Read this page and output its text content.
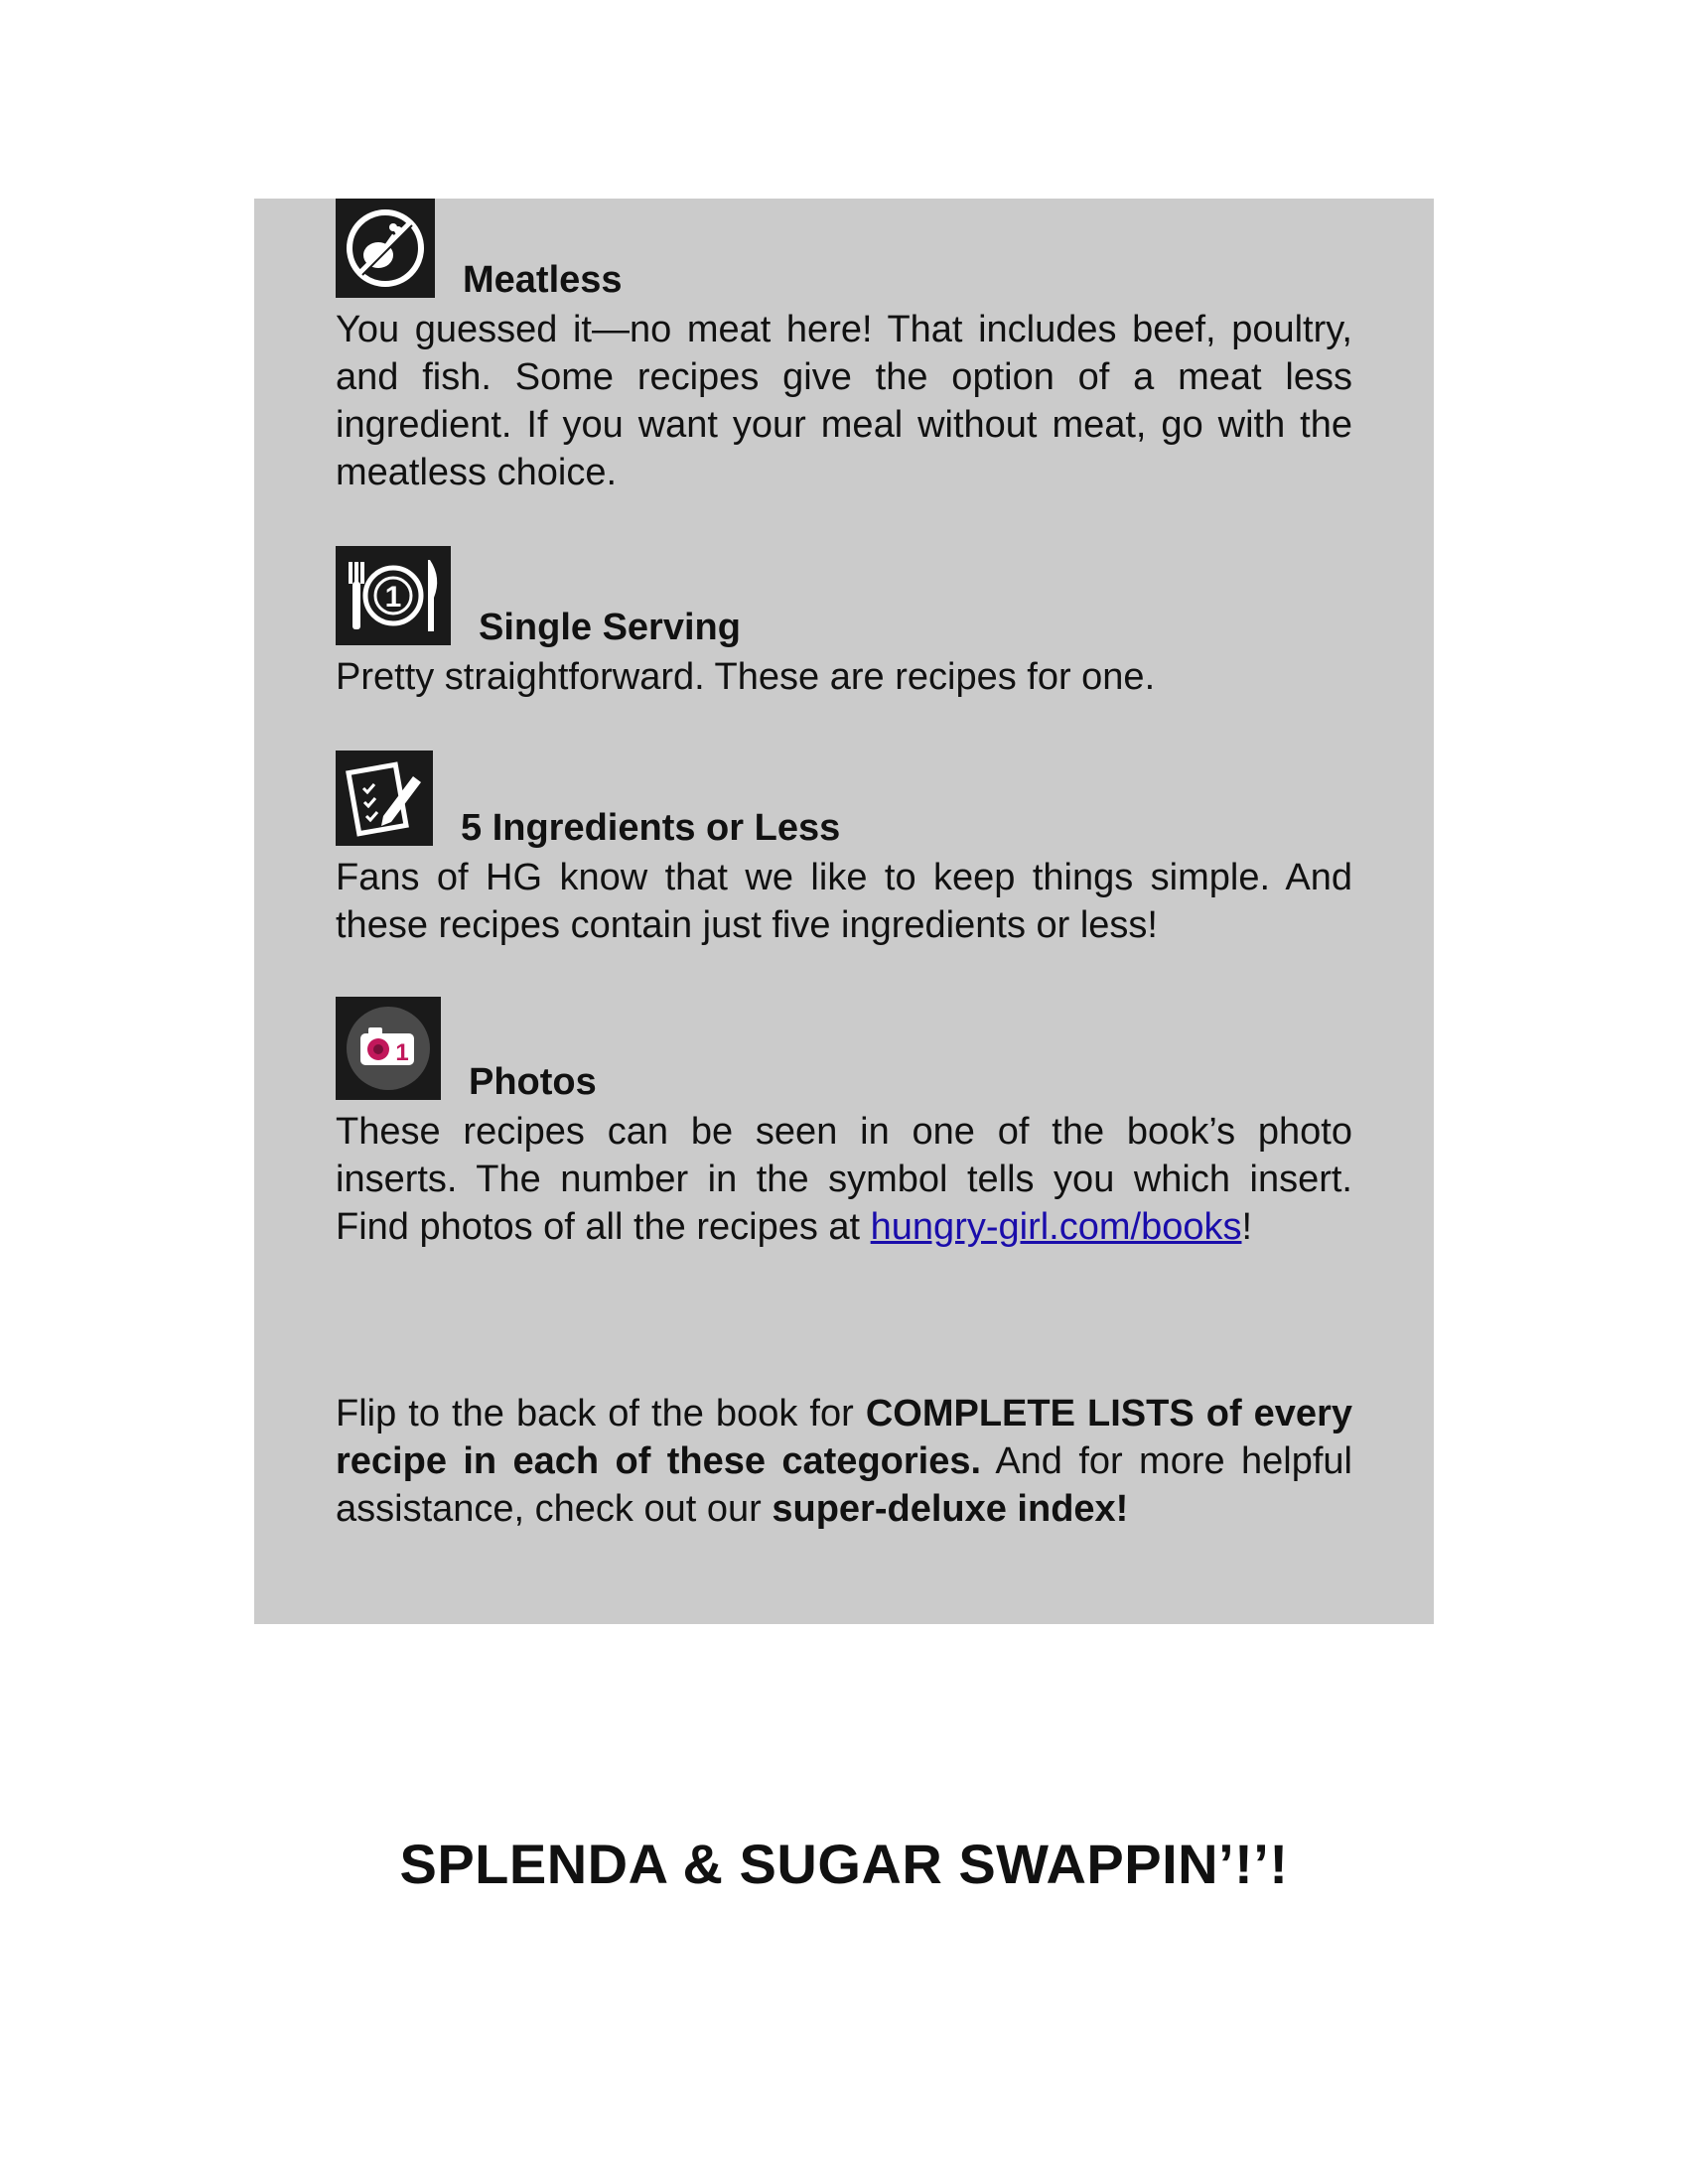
Meatless

You guessed it—no meat here! That includes beef, poultry, and fish. Some recipes give the option of a meat less ingredient. If you want your meal without meat, go with the meatless choice.

1
Single Serving

Pretty straightforward. These are recipes for one.

5 Ingredients or Less

Fans of HG know that we like to keep things simple. And these recipes contain just five ingredients or less!

1
Photos

These recipes can be seen in one of the book’s photo inserts. The number in the symbol tells you which insert. Find photos of all the recipes at hungry-girl.com/books!

Flip to the back of the book for COMPLETE LISTS of every recipe in each of these categories. And for more helpful assistance, check out our super-deluxe index!

SPLENDA & SUGAR SWAPPIN’!’!
